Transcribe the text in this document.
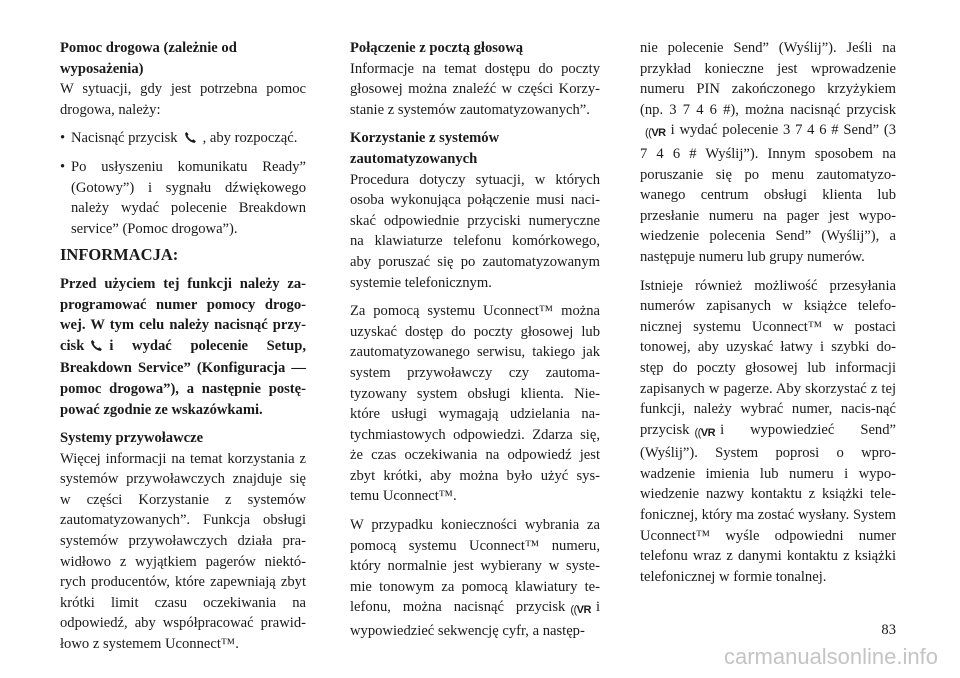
Pomoc drogowa (zależnie od
wyposażenia)

W sytuacji, gdy jest potrzebna pomoc drogowa, należy:

• Nacisnąć przycisk , aby rozpocząć.
• Po usłyszeniu komunikatu Ready” (Gotowy”) i sygnału dźwiękowego należy wydać polecenie Breakdown service” (Pomoc drogowa”).

INFORMACJA:

Przed użyciem tej funkcji należy za-programować numer pomocy drogo-wej. W tym celu należy nacisnąć przy-cisk i wydać polecenie Setup, Breakdown Service” (Konfiguracja — pomoc drogowa”), a następnie postę-pować zgodnie ze wskazówkami.

Systemy przywoławcze

Więcej informacji na temat korzystania z systemów przywoławczych znajduje się w części Korzystanie z systemów zautomatyzowanych”. Funkcja obsługi systemów przywoławczych działa pra-widłowo z wyjątkiem pagerów niektó-rych producentów, które zapewniają zbyt krótki limit czasu oczekiwania na odpowiedź, aby współpracować prawid-łowo z systemem Uconnect™.

Połączenie z pocztą głosową

Informacje na temat dostępu do poczty głosowej można znaleźć w części Korzy-stanie z systemów zautomatyzowanych”.

Korzystanie z systemów
zautomatyzowanych

Procedura dotyczy sytuacji, w których osoba wykonująca połączenie musi naci-skać odpowiednie przyciski numeryczne na klawiaturze telefonu komórkowego, aby poruszać się po zautomatyzowanym systemie telefonicznym.

Za pomocą systemu Uconnect™ można uzyskać dostęp do poczty głosowej lub zautomatyzowanego serwisu, takiego jak system przywoławczy czy zautoma-tyzowany system obsługi klienta. Nie-które usługi wymagają udzielania na-tychmiastowych odpowiedzi. Zdarza się, że czas oczekiwania na odpowiedź jest zbyt krótki, aby można było użyć sys-temu Uconnect™.

W przypadku konieczności wybrania za pomocą systemu Uconnect™ numeru, który normalnie jest wybierany w syste-mie tonowym za pomocą klawiatury te-lefonu, można nacisnąć przycisk ((VR i wypowiedzieć sekwencję cyfr, a następ-

nie polecenie Send” (Wyślij”). Jeśli na przykład konieczne jest wprowadzenie numeru PIN zakończonego krzyżykiem (np. 3 7 4 6 #), można nacisnąć przycisk((VR i wydać polecenie 3 7 4 6 # Send” (3 7 4 6 # Wyślij”). Innym sposobem na poruszanie się po menu zautomatyzo-wanego centrum obsługi klienta lub przesłanie numeru na pager jest wypo-wiedzenie polecenia Send” (Wyślij”), a następuje numeru lub grupy numerów.

Istnieje również możliwość przesyłania numerów zapisanych w książce telefo-nicznej systemu Uconnect™ w postaci tonowej, aby uzyskać łatwy i szybki do-stęp do poczty głosowej lub informacji zapisanych w pagerze. Aby skorzystać z tej funkcji, należy wybrać numer, nacis-nąć przycisk ((VR i wypowiedzieć Send” (Wyślij”). System poprosi o wpro-wadzenie imienia lub numeru i wypo-wiedzenie nazwy kontaktu z książki tele-fonicznej, który ma zostać wysłany. System Uconnect™ wyśle odpowiedni numer telefonu wraz z danymi kontaktu z książki telefonicznej w formie tonalnej.

83
carmanualsonline.info
